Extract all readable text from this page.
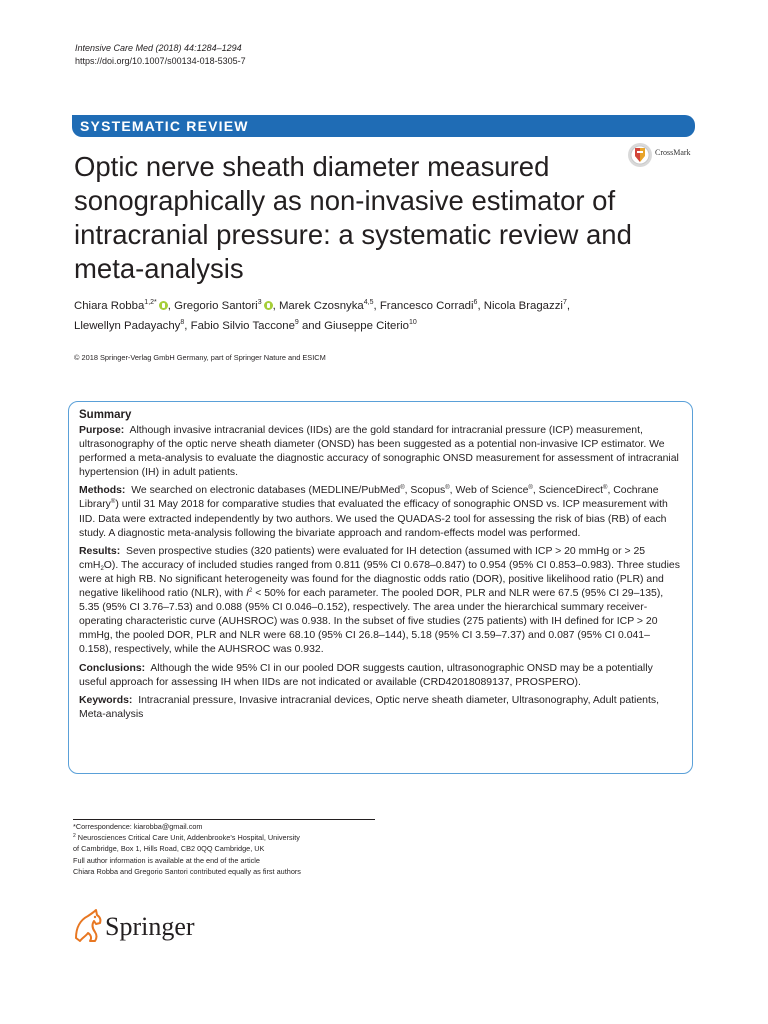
Intensive Care Med (2018) 44:1284–1294
https://doi.org/10.1007/s00134-018-5305-7
SYSTEMATIC REVIEW
Optic nerve sheath diameter measured sonographically as non-invasive estimator of intracranial pressure: a systematic review and meta-analysis
CrossMark
Chiara Robba$^{1,2*}$ , Gregorio Santori$^3$ , Marek Czosnyka$^{4,5}$, Francesco Corradi$^6$, Nicola Bragazzi$^7$,
Llewellyn Padayachy$^8$, Fabio Silvio Taccone$^9$ and Giuseppe Citerio$^{10}$
© 2018 Springer-Verlag GmbH Germany, part of Springer Nature and ESICM
Summary

Purpose: Although invasive intracranial devices (IIDs) are the gold standard for intracranial pressure (ICP) measurement, ultrasonography of the optic nerve sheath diameter (ONSD) has been suggested as a potential non-invasive ICP estimator. We performed a meta-analysis to evaluate the diagnostic accuracy of sonographic ONSD measurement for assessment of intracranial hypertension (IH) in adult patients.

Methods: We searched on electronic databases (MEDLINE/PubMed®, Scopus®, Web of Science®, ScienceDirect®, Cochrane Library®) until 31 May 2018 for comparative studies that evaluated the efficacy of sonographic ONSD vs. ICP measurement with IID. Data were extracted independently by two authors. We used the QUADAS-2 tool for assessing the risk of bias (RB) of each study. A diagnostic meta-analysis following the bivariate approach and random-effects model was performed.

Results: Seven prospective studies (320 patients) were evaluated for IH detection (assumed with ICP > 20 mmHg or > 25 cmH$_2$O). The accuracy of included studies ranged from 0.811 (95% CI 0.678–0.847) to 0.954 (95% CI 0.853–0.983). Three studies were at high RB. No significant heterogeneity was found for the diagnostic odds ratio (DOR), positive likelihood ratio (PLR) and negative likelihood ratio (NLR), with $I^2 < 50\%$ for each parameter. The pooled DOR, PLR and NLR were 67.5 (95% CI 29–135), 5.35 (95% CI 3.76–7.53) and 0.088 (95% CI 0.046–0.152), respectively. The area under the hierarchical summary receiver-operating characteristic curve (AUHSROC) was 0.938. In the subset of five studies (275 patients) with IH defined for ICP > 20 mmHg, the pooled DOR, PLR and NLR were 68.10 (95% CI 26.8–144), 5.18 (95% CI 3.59–7.37) and 0.087 (95% CI 0.041–0.158), respectively, while the AUHSROC was 0.932.

Conclusions: Although the wide 95% CI in our pooled DOR suggests caution, ultrasonographic ONSD may be a potentially useful approach for assessing IH when IIDs are not indicated or available (CRD42018089137, PROSPERO).

Keywords: Intracranial pressure, Invasive intracranial devices, Optic nerve sheath diameter, Ultrasonography, Adult patients, Meta-analysis

*Correspondence: kiarobba@gmail.com
$^2$ Neurosciences Critical Care Unit, Addenbrooke’s Hospital, University
of Cambridge, Box 1, Hills Road, CB2 0QQ Cambridge, UK
Full author information is available at the end of the article
Chiara Robba and Gregorio Santori contributed equally as first authors
Springer
